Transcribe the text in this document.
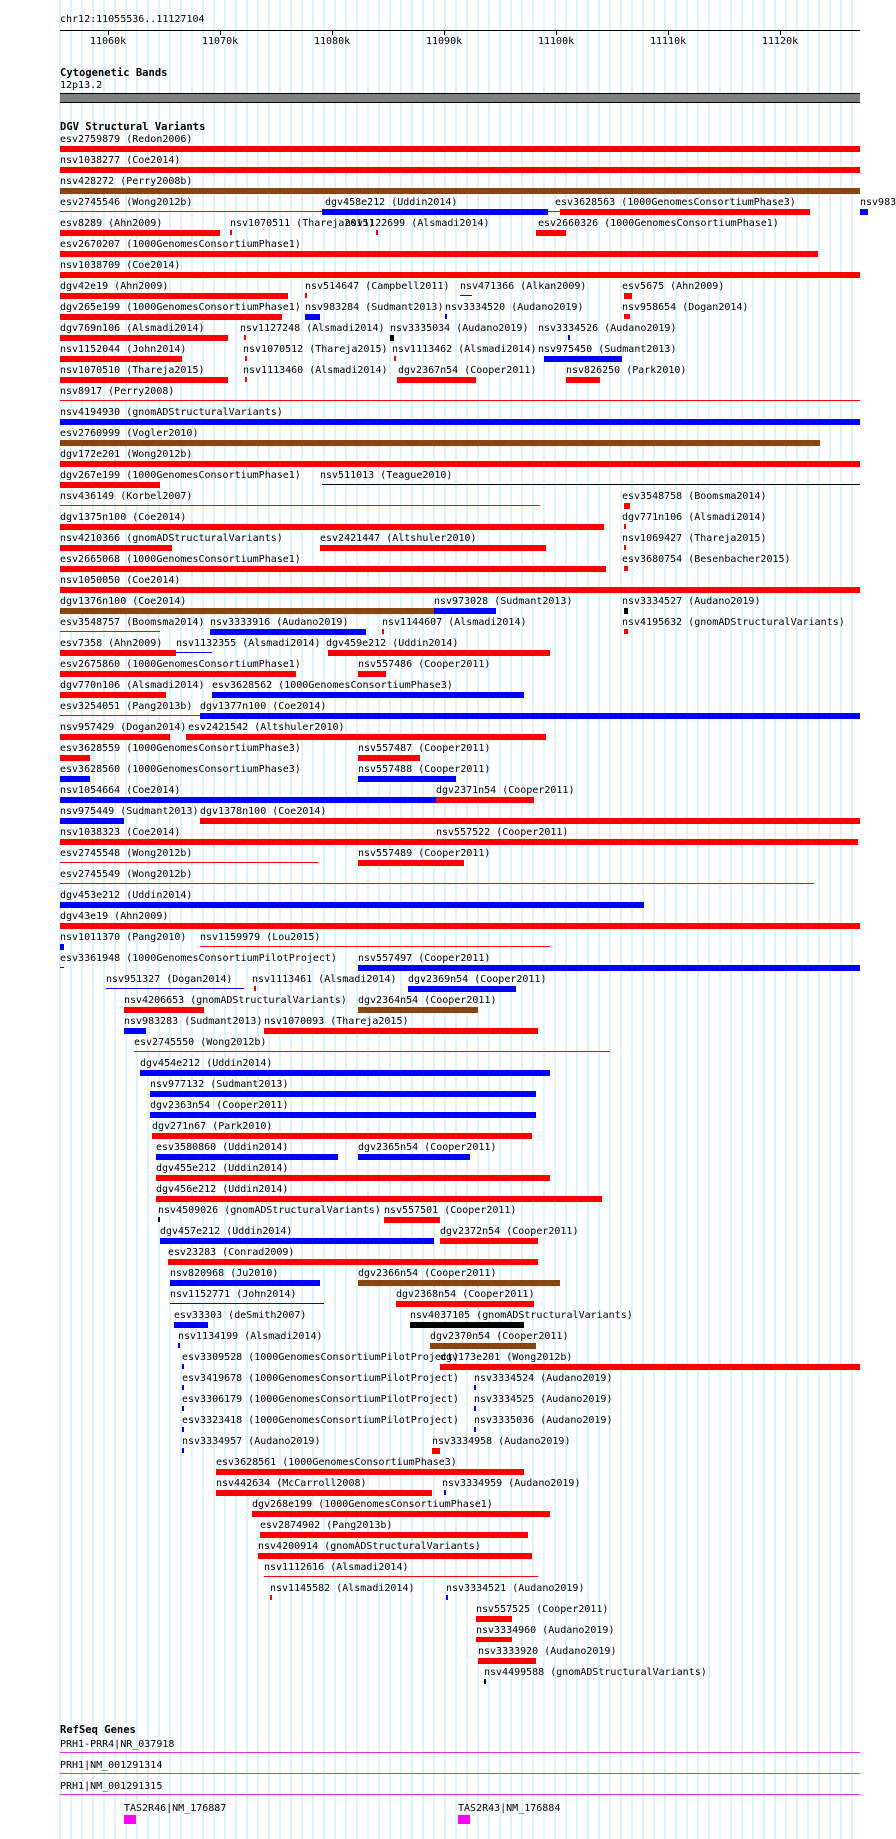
chr12:11055536..11127104
11060k	11070k	11080k	11090k	11100k	11110k	11120k
Cytogenetic Bands
12p13.2
DGV Structural Variants
esv2759879 (Redon2006)
nsv1038277 (Coe2014)
nsv428272 (Perry2008b)
esv2745546 (Wong2012b)	dgv458e212 (Uddin2014)	esv3628563 (1000GenomesConsortiumPhase3)	nsv983
esv8289 (Ahn2009)	nsv1070511 (Thareja2015)
nsv1122699 (Alsmadi2014)	esv2660326 (1000GenomesConsortiumPhase1)
esv2670207 (1000GenomesConsortiumPhase1)
nsv1038709 (Coe2014)
dgv42e19 (Ahn2009)	nsv514647 (Campbell2011) nsv471366 (Alkan2009)	esv5675 (Ahn2009)
dgv265e199 (1000GenomesConsortiumPhase1) nsv983284 (Sudmant2013) nsv3334520 (Audano2019)	nsv958654 (Dogan2014)
dgv769n106 (Alsmadi2014)	nsv1127248 (Alsmadi2014) nsv3335034 (Audano2019) nsv3334526 (Audano2019)
nsv1152044 (John2014)	nsv1070512 (Thareja2015) nsv1113462 (Alsmadi2014) nsv975450 (Sudmant2013)
nsv1070510 (Thareja2015)	nsv1113460 (Alsmadi2014) dgv2367n54 (Cooper2011)	nsv826250 (Park2010)
nsv8917 (Perry2008)
nsv4194930 (gnomADStructuralVariants)
esv2760999 (Vogler2010)
dgv172e201 (Wong2012b)
dgv267e199 (1000GenomesConsortiumPhase1) nsv511013 (Teague2010)
nsv436149 (Korbel2007)	esv3548758 (Boomsma2014)
dgv1375n100 (Coe2014)	dgv771n106 (Alsmadi2014)
nsv4210366 (gnomADStructuralVariants)	esv2421447 (Altshuler2010)	nsv1069427 (Thareja2015)
esv2665068 (1000GenomesConsortiumPhase1)	esv3680754 (Besenbacher2015)
nsv1050050 (Coe2014)
dgv1376n100 (Coe2014)	nsv973028 (Sudmant2013)	nsv3334527 (Audano2019)
esv3548757 (Boomsma2014) nsv3333916 (Audano2019)	nsv1144607 (Alsmadi2014)	nsv4195632 (gnomADStructuralVariants)
esv7358 (Ahn2009) nsv1132355 (Alsmadi2014) dgv459e212 (Uddin2014)
esv2675860 (1000GenomesConsortiumPhase1)	nsv557486 (Cooper2011)
dgv770n106 (Alsmadi2014) esv3628562 (1000GenomesConsortiumPhase3)
esv3254051 (Pang2013b) dgv1377n100 (Coe2014)
nsv957429 (Dogan2014) esv2421542 (Altshuler2010)
esv3628559 (1000GenomesConsortiumPhase3)	nsv557487 (Cooper2011)
esv3628560 (1000GenomesConsortiumPhase3)	nsv557488 (Cooper2011)
nsv1054664 (Coe2014)	dgv2371n54 (Cooper2011)
nsv975449 (Sudmant2013) dgv1378n100 (Coe2014)
nsv1038323 (Coe2014)	nsv557522 (Cooper2011)
esv2745548 (Wong2012b)	nsv557489 (Cooper2011)
esv2745549 (Wong2012b)
dgv453e212 (Uddin2014)
dgv43e19 (Ahn2009)
nsv1011370 (Pang2010) nsv1159979 (Lou2015)
esv3361948 (1000GenomesConsortiumPilotProject) nsv557497 (Cooper2011)
nsv951327 (Dogan2014) nsv1113461 (Alsmadi2014) dgv2369n54 (Cooper2011)
nsv4206653 (gnomADStructuralVariants) dgv2364n54 (Cooper2011)
nsv983283 (Sudmant2013) nsv1070093 (Thareja2015)
esv2745550 (Wong2012b)
dgv454e212 (Uddin2014)
nsv977132 (Sudmant2013)
dgv2363n54 (Cooper2011)
dgv271n67 (Park2010)
esv3580860 (Uddin2014)	dgv2365n54 (Cooper2011)
dgv455e212 (Uddin2014)
dgv456e212 (Uddin2014)
nsv4509026 (gnomADStructuralVariants) nsv557501 (Cooper2011)
dgv457e212 (Uddin2014)	dgv2372n54 (Cooper2011)
esv23283 (Conrad2009)
nsv820968 (Ju2010)	dgv2366n54 (Cooper2011)
nsv1152771 (John2014)	dgv2368n54 (Cooper2011)
esv33303 (deSmith2007)	nsv4037105 (gnomADStructuralVariants)
nsv1134199 (Alsmadi2014)	dgv2370n54 (Cooper2011)
esv3309528 (1000GenomesConsortiumPilotProject)
dgv173e201 (Wong2012b)
esv3419678 (1000GenomesConsortiumPilotProject) nsv3334524 (Audano2019)
esv3306179 (1000GenomesConsortiumPilotProject) nsv3334525 (Audano2019)
esv3323418 (1000GenomesConsortiumPilotProject) nsv3335036 (Audano2019)
nsv3334957 (Audano2019)	nsv3334958 (Audano2019)
esv3628561 (1000GenomesConsortiumPhase3)
nsv442634 (McCarroll2008)	nsv3334959 (Audano2019)
dgv268e199 (1000GenomesConsortiumPhase1)
esv2874902 (Pang2013b)
nsv4200914 (gnomADStructuralVariants)
nsv1112616 (Alsmadi2014)
nsv1145582 (Alsmadi2014)	nsv3334521 (Audano2019)
nsv557525 (Cooper2011)
nsv3334960 (Audano2019)
nsv3333920 (Audano2019)
nsv4499588 (gnomADStructuralVariants)
RefSeq Genes
PRH1-PRR4|NR_037918
PRH1|NM_001291314
PRH1|NM_001291315
TAS2R46|NM_176887	TAS2R43|NM_176884
